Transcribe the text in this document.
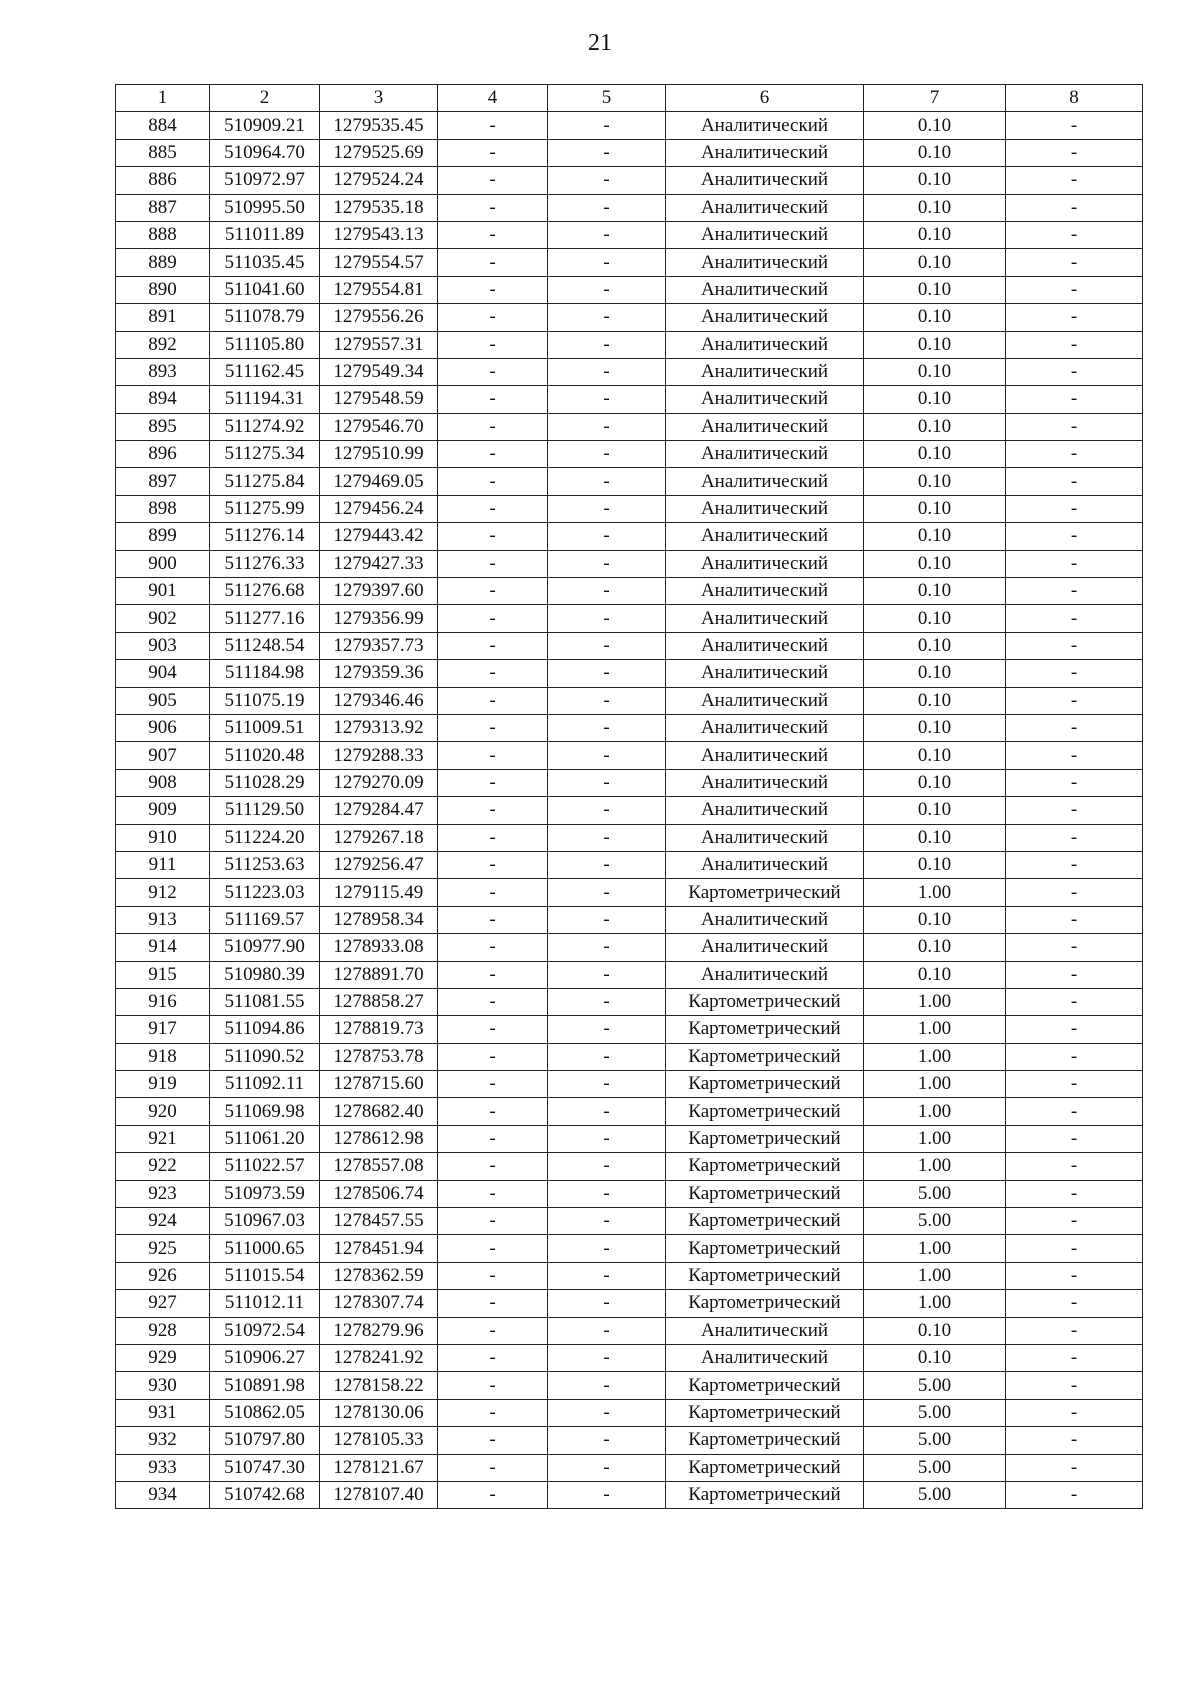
21
1	2	3	4	5	6	7	8
884	510909.21	1279535.45	-	-	Аналитический	0.10	-
885	510964.70	1279525.69	-	-	Аналитический	0.10	-
886	510972.97	1279524.24	-	-	Аналитический	0.10	-
887	510995.50	1279535.18	-	-	Аналитический	0.10	-
888	511011.89	1279543.13	-	-	Аналитический	0.10	-
889	511035.45	1279554.57	-	-	Аналитический	0.10	-
890	511041.60	1279554.81	-	-	Аналитический	0.10	-
891	511078.79	1279556.26	-	-	Аналитический	0.10	-
892	511105.80	1279557.31	-	-	Аналитический	0.10	-
893	511162.45	1279549.34	-	-	Аналитический	0.10	-
894	511194.31	1279548.59	-	-	Аналитический	0.10	-
895	511274.92	1279546.70	-	-	Аналитический	0.10	-
896	511275.34	1279510.99	-	-	Аналитический	0.10	-
897	511275.84	1279469.05	-	-	Аналитический	0.10	-
898	511275.99	1279456.24	-	-	Аналитический	0.10	-
899	511276.14	1279443.42	-	-	Аналитический	0.10	-
900	511276.33	1279427.33	-	-	Аналитический	0.10	-
901	511276.68	1279397.60	-	-	Аналитический	0.10	-
902	511277.16	1279356.99	-	-	Аналитический	0.10	-
903	511248.54	1279357.73	-	-	Аналитический	0.10	-
904	511184.98	1279359.36	-	-	Аналитический	0.10	-
905	511075.19	1279346.46	-	-	Аналитический	0.10	-
906	511009.51	1279313.92	-	-	Аналитический	0.10	-
907	511020.48	1279288.33	-	-	Аналитический	0.10	-
908	511028.29	1279270.09	-	-	Аналитический	0.10	-
909	511129.50	1279284.47	-	-	Аналитический	0.10	-
910	511224.20	1279267.18	-	-	Аналитический	0.10	-
911	511253.63	1279256.47	-	-	Аналитический	0.10	-
912	511223.03	1279115.49	-	-	Картометрический	1.00	-
913	511169.57	1278958.34	-	-	Аналитический	0.10	-
914	510977.90	1278933.08	-	-	Аналитический	0.10	-
915	510980.39	1278891.70	-	-	Аналитический	0.10	-
916	511081.55	1278858.27	-	-	Картометрический	1.00	-
917	511094.86	1278819.73	-	-	Картометрический	1.00	-
918	511090.52	1278753.78	-	-	Картометрический	1.00	-
919	511092.11	1278715.60	-	-	Картометрический	1.00	-
920	511069.98	1278682.40	-	-	Картометрический	1.00	-
921	511061.20	1278612.98	-	-	Картометрический	1.00	-
922	511022.57	1278557.08	-	-	Картометрический	1.00	-
923	510973.59	1278506.74	-	-	Картометрический	5.00	-
924	510967.03	1278457.55	-	-	Картометрический	5.00	-
925	511000.65	1278451.94	-	-	Картометрический	1.00	-
926	511015.54	1278362.59	-	-	Картометрический	1.00	-
927	511012.11	1278307.74	-	-	Картометрический	1.00	-
928	510972.54	1278279.96	-	-	Аналитический	0.10	-
929	510906.27	1278241.92	-	-	Аналитический	0.10	-
930	510891.98	1278158.22	-	-	Картометрический	5.00	-
931	510862.05	1278130.06	-	-	Картометрический	5.00	-
932	510797.80	1278105.33	-	-	Картометрический	5.00	-
933	510747.30	1278121.67	-	-	Картометрический	5.00	-
934	510742.68	1278107.40	-	-	Картометрический	5.00	-
